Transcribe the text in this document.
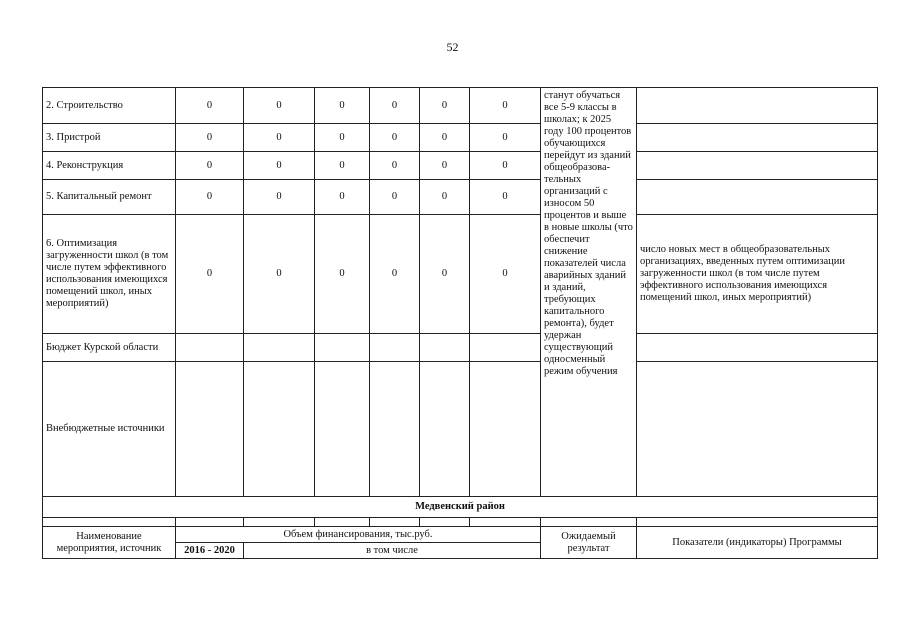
52
2. Строительство	0	0	0	0	0	0	станут обучаться все 5-9 классы в школах; к 2025 году 100 процентов обучающихся перейдут из зданий общеобразова-тельных организаций с износом 50 процентов и выше в новые школы (что обеспечит снижение показателей числа аварийных зданий и зданий, требующих капитального ремонта), будет удержан существующий односменный режим обучения	
3. Пристрой	0	0	0	0	0	0		
4. Реконструкция	0	0	0	0	0	0		
5. Капитальный ремонт	0	0	0	0	0	0		
6. Оптимизация загруженности школ (в том числе путем эффективного использования имеющихся помещений школ, иных мероприятий)	0	0	0	0	0	0		число новых мест в общеобразовательных организациях, введенных путем оптимизации загруженности школ (в том числе путем эффективного использования имеющихся помещений школ, иных мероприятий)
Бюджет Курской области								
Внебюджетные источники								
Медвенский район								

Наименование мероприятия, источник	Объем финансирования, тыс.руб.						Ожидаемый результат	Показатели (индикаторы) Программы
	2016 - 2020	в том числе						
